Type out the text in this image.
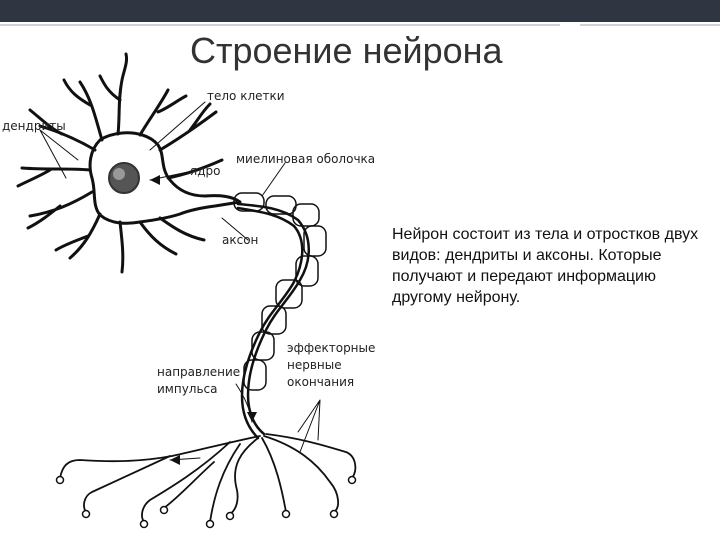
тело клетки
дендриты
ядро
миелиновая оболочка
аксон
эффекторные
нервные
окончания
направление
импульса
Строение нейрона
Нейрон состоит из тела и отростков двух видов: дендриты и аксоны. Которые получают и передают информацию другому нейрону.
